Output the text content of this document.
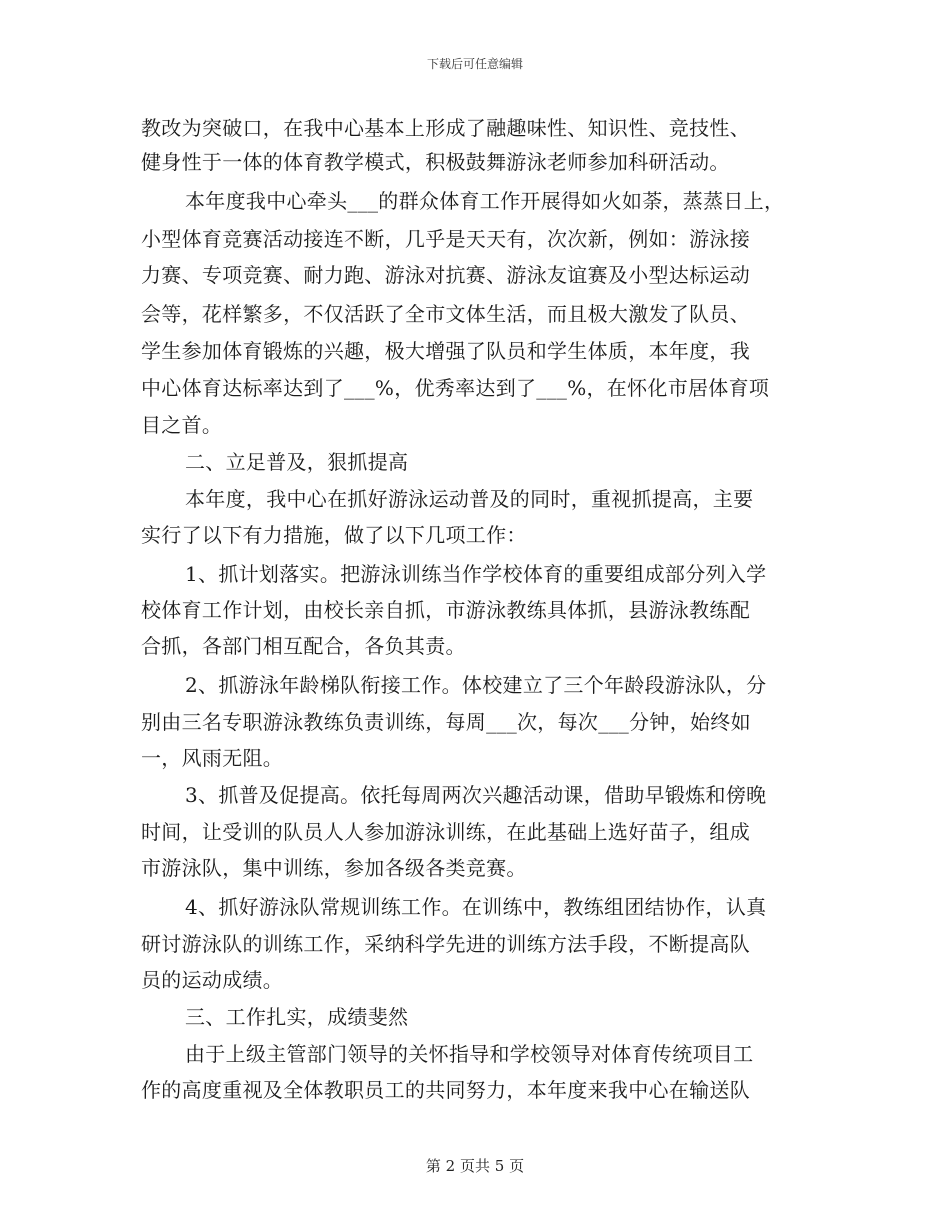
下载后可任意编辑
教改为突破口，在我中心基本上形成了融趣味性、知识性、竞技性、
健身性于一体的体育教学模式，积极鼓舞游泳老师参加科研活动。
本年度我中心牵头___的群众体育工作开展得如火如荼，蒸蒸日上，
小型体育竞赛活动接连不断，几乎是天天有，次次新，例如：游泳接
力赛、专项竞赛、耐力跑、游泳对抗赛、游泳友谊赛及小型达标运动
会等，花样繁多，不仅活跃了全市文体生活，而且极大激发了队员、
学生参加体育锻炼的兴趣，极大增强了队员和学生体质，本年度，我
中心体育达标率达到了___%，优秀率达到了___%，在怀化市居体育项
目之首。
二、立足普及，狠抓提高
本年度，我中心在抓好游泳运动普及的同时，重视抓提高，主要
实行了以下有力措施，做了以下几项工作：
1、抓计划落实。把游泳训练当作学校体育的重要组成部分列入学
校体育工作计划，由校长亲自抓，市游泳教练具体抓，县游泳教练配
合抓，各部门相互配合，各负其责。
2、抓游泳年龄梯队衔接工作。体校建立了三个年龄段游泳队，分
别由三名专职游泳教练负责训练，每周___次，每次___分钟，始终如
一，风雨无阻。
3、抓普及促提高。依托每周两次兴趣活动课，借助早锻炼和傍晚
时间，让受训的队员人人参加游泳训练，在此基础上选好苗子，组成
市游泳队，集中训练，参加各级各类竞赛。
4、抓好游泳队常规训练工作。在训练中，教练组团结协作，认真
研讨游泳队的训练工作，采纳科学先进的训练方法手段，不断提高队
员的运动成绩。
三、工作扎实，成绩斐然
由于上级主管部门领导的关怀指导和学校领导对体育传统项目工
作的高度重视及全体教职员工的共同努力，本年度来我中心在输送队
第 2 页共 5 页
